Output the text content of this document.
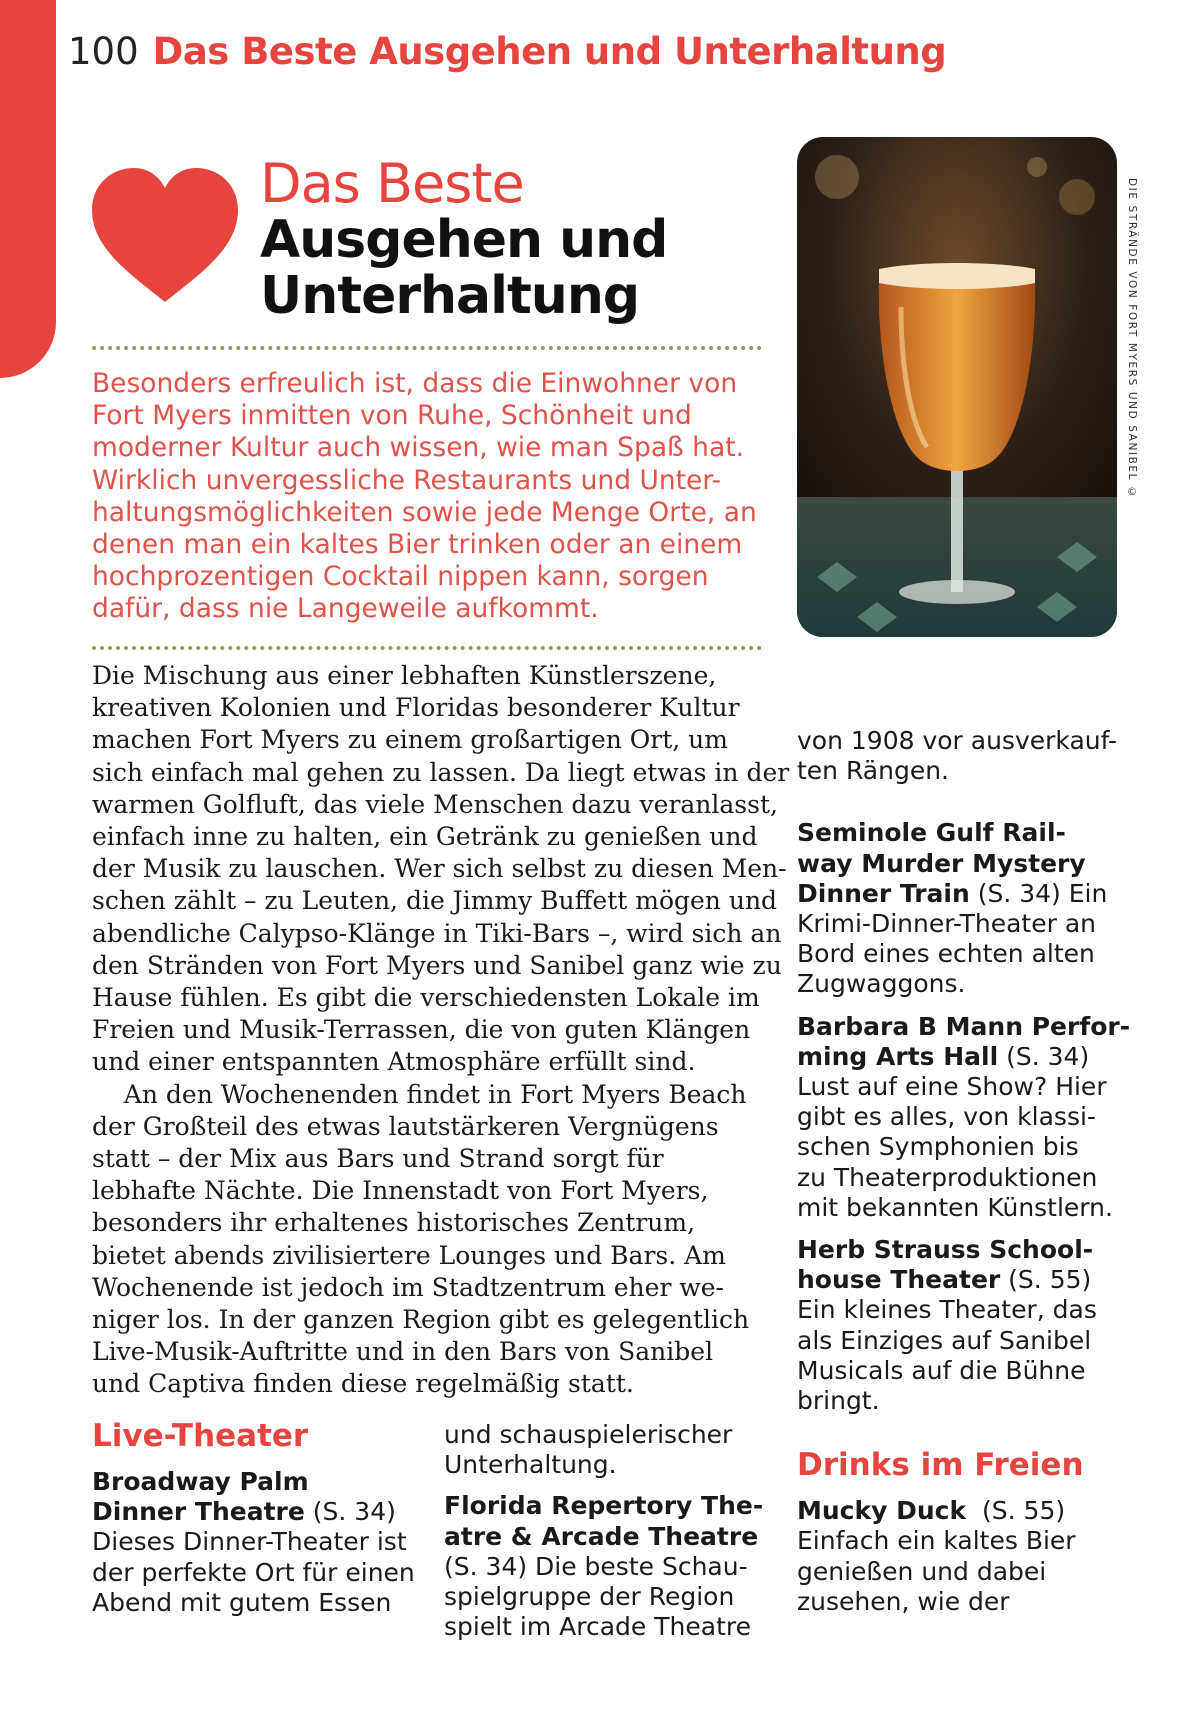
100 Das Beste Ausgehen und Unterhaltung
Das Beste
Ausgehen und
Unterhaltung

Besonders erfreulich ist, dass die Einwohner von

Fort Myers inmitten von Ruhe, Schönheit und

moderner Kultur auch wissen, wie man Spaß hat.

Wirklich unvergessliche Restaurants und Unter-

haltungsmöglichkeiten sowie jede Menge Orte, an

denen man ein kaltes Bier trinken oder an einem

hochprozentigen Cocktail nippen kann, sorgen

dafür, dass nie Langeweile aufkommt.

Die Mischung aus einer lebhaften Künstlerszene,

kreativen Kolonien und Floridas besonderer Kultur

machen Fort Myers zu einem großartigen Ort, um

sich einfach mal gehen zu lassen. Da liegt etwas in der

warmen Golfluft, das viele Menschen dazu veranlasst,

einfach inne zu halten, ein Getränk zu genießen und

der Musik zu lauschen. Wer sich selbst zu diesen Men-

schen zählt – zu Leuten, die Jimmy Buffett mögen und

abendliche Calypso-Klänge in Tiki-Bars –, wird sich an

den Stränden von Fort Myers und Sanibel ganz wie zu

Hause fühlen. Es gibt die verschiedensten Lokale im

Freien und Musik-Terrassen, die von guten Klängen

und einer entspannten Atmosphäre erfüllt sind.

An den Wochenenden findet in Fort Myers Beach

der Großteil des etwas lautstärkeren Vergnügens

statt – der Mix aus Bars und Strand sorgt für

lebhafte Nächte. Die Innenstadt von Fort Myers,

besonders ihr erhaltenes historisches Zentrum,

bietet abends zivilisiertere Lounges und Bars. Am

Wochenende ist jedoch im Stadtzentrum eher we-

niger los. In der ganzen Region gibt es gelegentlich

Live-Musik-Auftritte und in den Bars von Sanibel

und Captiva finden diese regelmäßig statt.

DIE STRÄNDE VON FORT MYERS UND SANIBEL ©
Live-Theater

Broadway Palm

Dinner Theatre (S. 34)

Dieses Dinner-Theater ist

der perfekte Ort für einen

Abend mit gutem Essen

und schauspielerischer

Unterhaltung.

Florida Repertory The-

atre & Arcade Theatre

(S. 34) Die beste Schau-

spielgruppe der Region

spielt im Arcade Theatre

von 1908 vor ausverkauf-

ten Rängen.

Seminole Gulf Rail-

way Murder Mystery

Dinner Train (S. 34) Ein

Krimi-Dinner-Theater an

Bord eines echten alten

Zugwaggons.

Barbara B Mann Perfor-

ming Arts Hall (S. 34)

Lust auf eine Show? Hier

gibt es alles, von klassi-

schen Symphonien bis

zu Theaterproduktionen

mit bekannten Künstlern.

Herb Strauss School-

house Theater (S. 55)

Ein kleines Theater, das

als Einziges auf Sanibel

Musicals auf die Bühne

bringt.

Drinks im Freien

Mucky Duck  (S. 55)

Einfach ein kaltes Bier

genießen und dabei

zusehen, wie der
